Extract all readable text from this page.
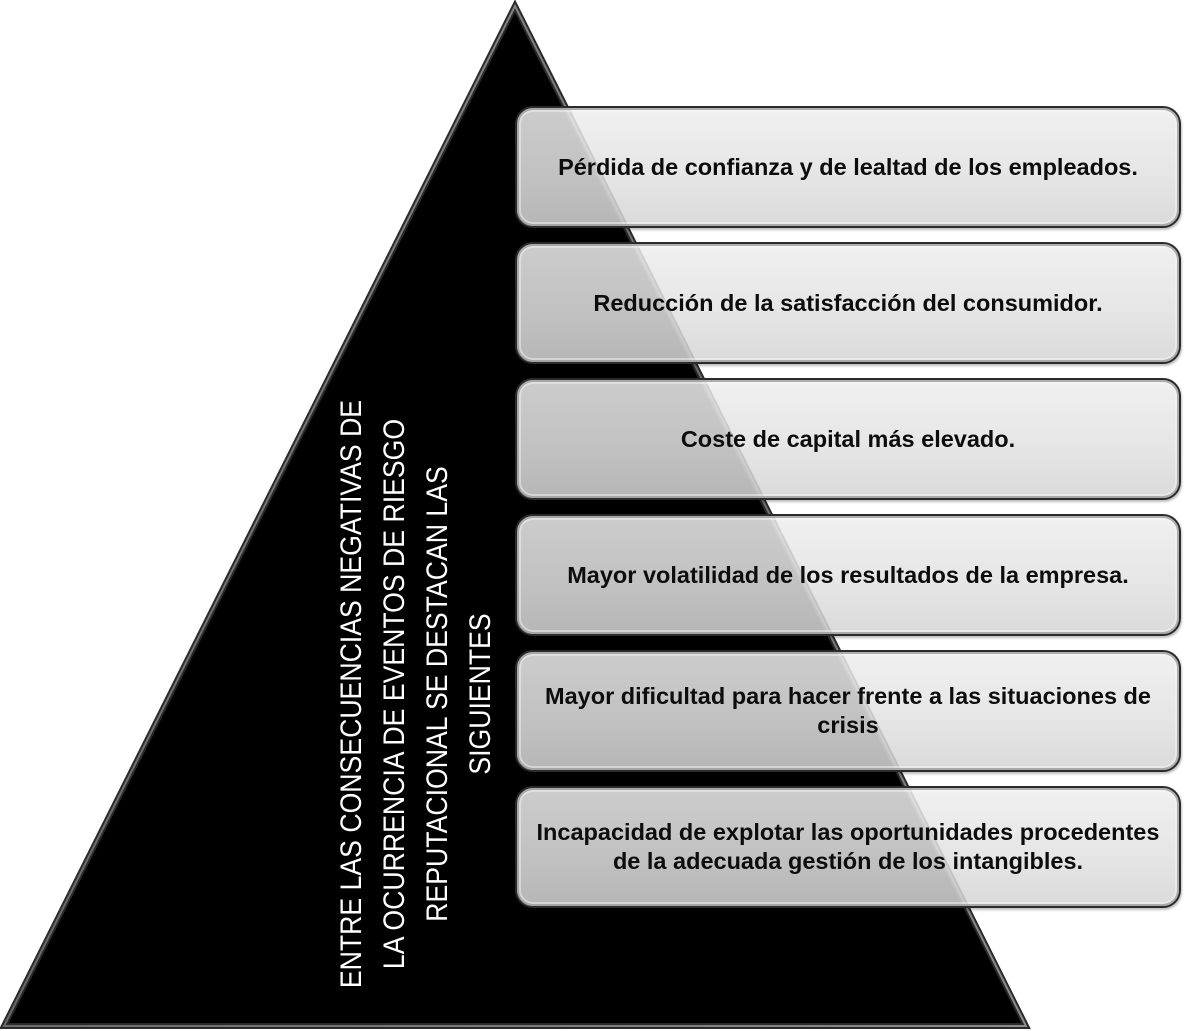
ENTRE LAS CONSECUENCIAS NEGATIVAS DE LA OCURRENCIA DE EVENTOS DE RIESGO REPUTACIONAL SE DESTACAN LAS SIGUIENTES
Pérdida de confianza y de lealtad de los empleados.
Reducción de la satisfacción del consumidor.
Coste de capital más elevado.
Mayor volatilidad de los resultados de la empresa.
Mayor dificultad para hacer frente a las situaciones de crisis
Incapacidad de explotar las oportunidades procedentes de la adecuada gestión de los intangibles.
